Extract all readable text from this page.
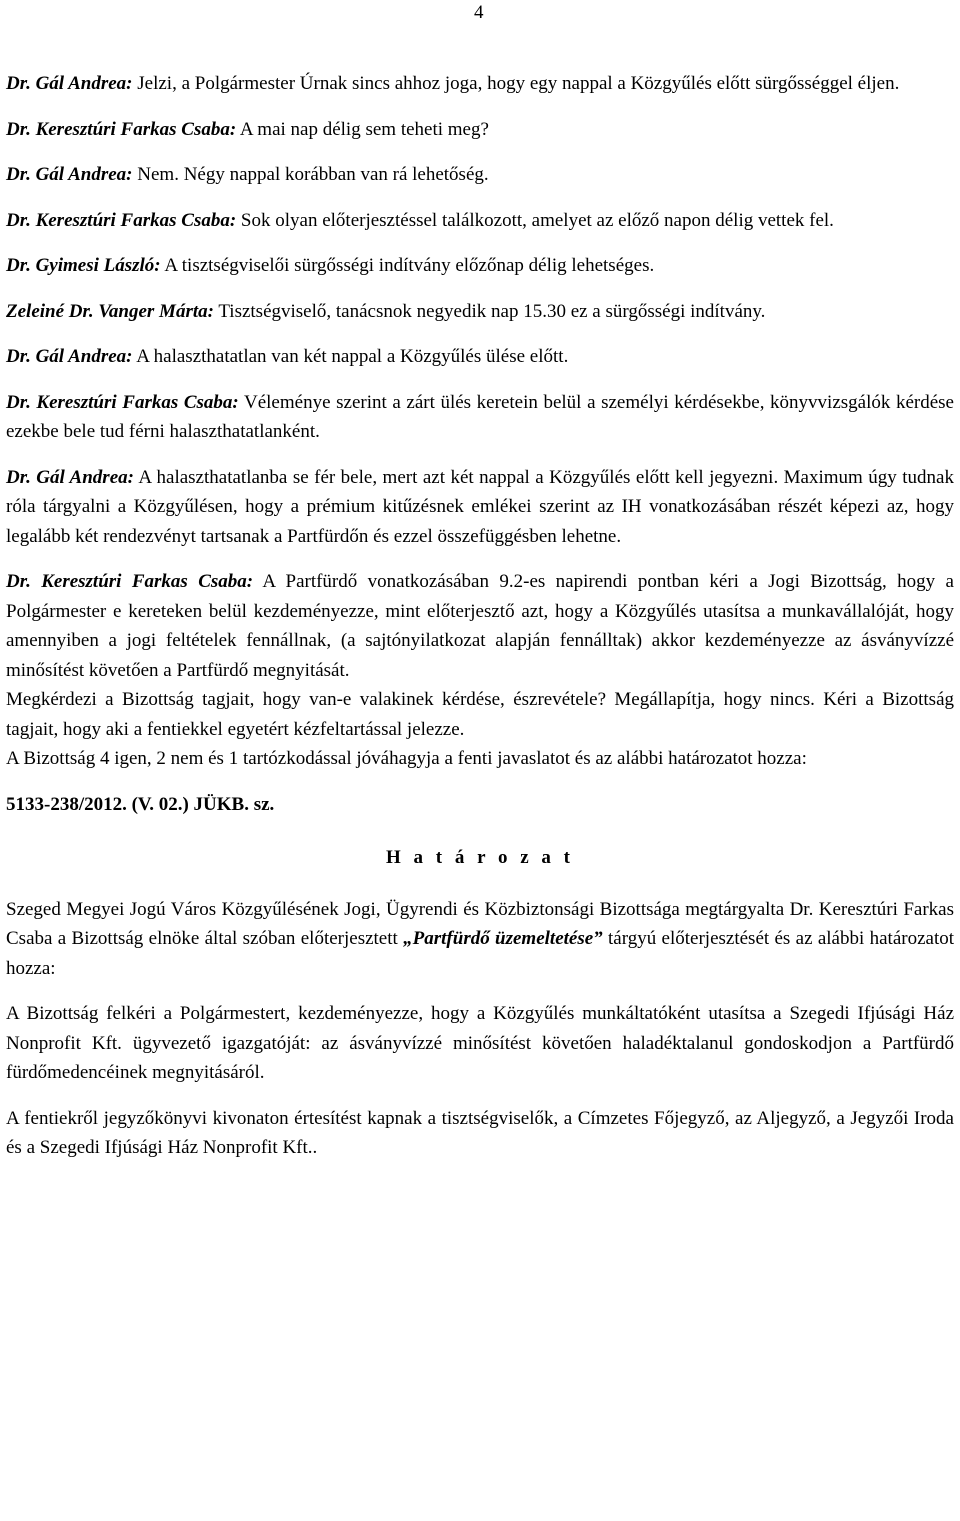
4

Dr. Gál Andrea: Jelzi, a Polgármester Úrnak sincs ahhoz joga, hogy egy nappal a Közgyűlés előtt sürgősséggel éljen.

Dr. Keresztúri Farkas Csaba: A mai nap délig sem teheti meg?

Dr. Gál Andrea: Nem. Négy nappal korábban van rá lehetőség.

Dr. Keresztúri Farkas Csaba: Sok olyan előterjesztéssel találkozott, amelyet az előző napon délig vettek fel.

Dr. Gyimesi László: A tisztségviselői sürgősségi indítvány előzőnap délig lehetséges.

Zeleiné Dr. Vanger Márta: Tisztségviselő, tanácsnok negyedik nap 15.30 ez a sürgősségi indítvány.

Dr. Gál Andrea: A halaszthatatlan van két nappal a Közgyűlés ülése előtt.

Dr. Keresztúri Farkas Csaba: Véleménye szerint a zárt ülés keretein belül a személyi kérdésekbe, könyvvizsgálók kérdése ezekbe bele tud férni halaszthatatlanként.

Dr. Gál Andrea: A halaszthatatlanba se fér bele, mert azt két nappal a Közgyűlés előtt kell jegyezni. Maximum úgy tudnak róla tárgyalni a Közgyűlésen, hogy a prémium kitűzésnek emlékei szerint az IH vonatkozásában részét képezi az, hogy legalább két rendezvényt tartsanak a Partfürdőn és ezzel összefüggésben lehetne.

Dr. Keresztúri Farkas Csaba: A Partfürdő vonatkozásában 9.2-es napirendi pontban kéri a Jogi Bizottság, hogy a Polgármester e kereteken belül kezdeményezze, mint előterjesztő azt, hogy a Közgyűlés utasítsa a munkavállalóját, hogy amennyiben a jogi feltételek fennállnak, (a sajtónyilatkozat alapján fennálltak) akkor kezdeményezze az ásványvízzé minősítést követően a Partfürdő megnyitását.

Megkérdezi a Bizottság tagjait, hogy van-e valakinek kérdése, észrevétele? Megállapítja, hogy nincs. Kéri a Bizottság tagjait, hogy aki a fentiekkel egyetért kézfeltartással jelezze.

A Bizottság 4 igen, 2 nem és 1 tartózkodással jóváhagyja a fenti javaslatot és az alábbi határozatot hozza:

5133-238/2012. (V. 02.) JÜKB. sz.

H a t á r o z a t

Szeged Megyei Jogú Város Közgyűlésének Jogi, Ügyrendi és Közbiztonsági Bizottsága megtárgyalta Dr. Keresztúri Farkas Csaba a Bizottság elnöke által szóban előterjesztett „Partfürdő üzemeltetése” tárgyú előterjesztését és az alábbi határozatot hozza:

A Bizottság felkéri a Polgármestert, kezdeményezze, hogy a Közgyűlés munkáltatóként utasítsa a Szegedi Ifjúsági Ház Nonprofit Kft. ügyvezető igazgatóját: az ásványvízzé minősítést követően haladéktalanul gondoskodjon a Partfürdő fürdőmedencéinek megnyitásáról.

A fentiekről jegyzőkönyvi kivonaton értesítést kapnak a tisztségviselők, a Címzetes Főjegyző, az Aljegyző, a Jegyzői Iroda és a Szegedi Ifjúsági Ház Nonprofit Kft..
